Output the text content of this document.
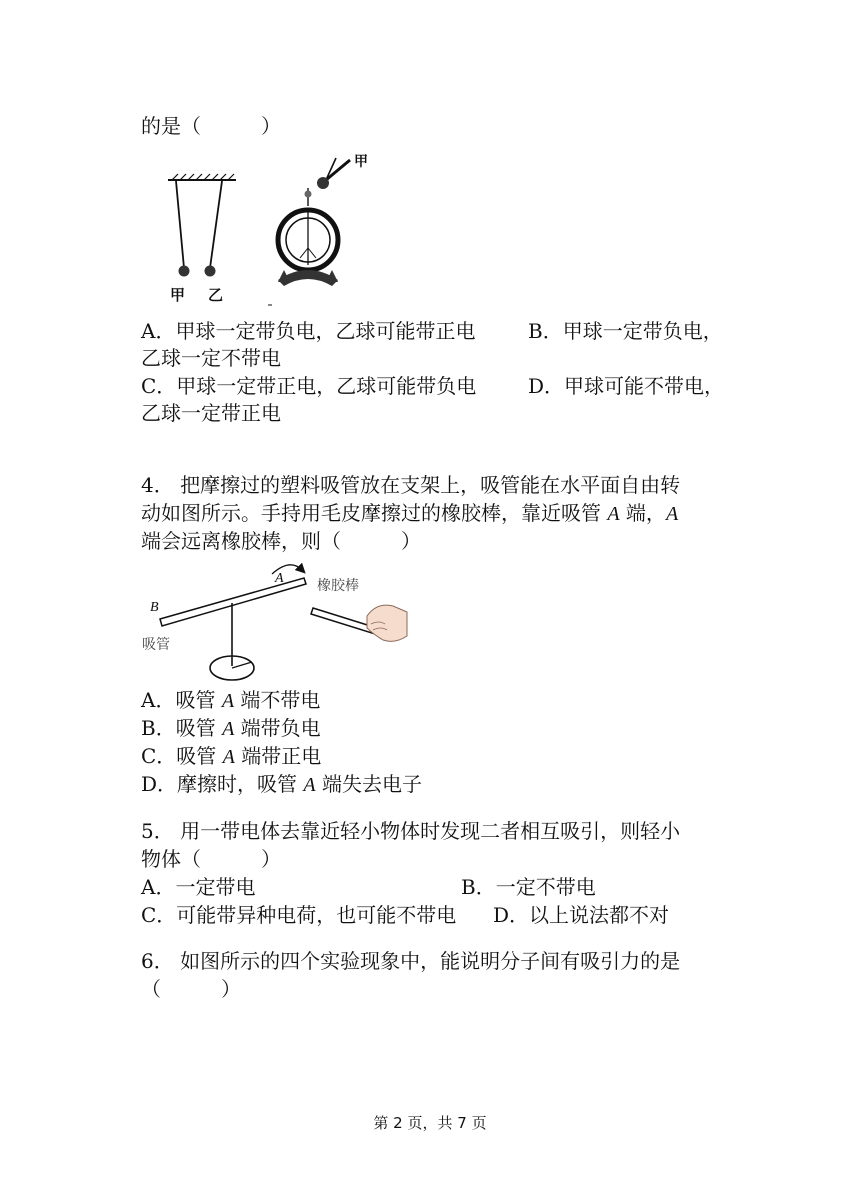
的是（　　　）
甲 乙
甲
A．甲球一定带负电，乙球可能带正电	B．甲球一定带负电，
乙球一定不带电
C．甲球一定带正电，乙球可能带负电	D．甲球可能不带电，
乙球一定带正电
4． 把摩擦过的塑料吸管放在支架上，吸管能在水平面自由转
动如图所示。手持用毛皮摩擦过的橡胶棒，靠近吸管 A 端，A
端会远离橡胶棒，则（　　　）
A
B
吸管
橡胶棒
A．吸管 A 端不带电
B．吸管 A 端带负电
C．吸管 A 端带正电
D．摩擦时，吸管 A 端失去电子
5． 用一带电体去靠近轻小物体时发现二者相互吸引，则轻小
物体（　　　）
A．一定带电	B．一定不带电
C．可能带异种电荷，也可能不带电 D．以上说法都不对
6． 如图所示的四个实验现象中，能说明分子间有吸引力的是
（　　　）
第 2 页，共 7 页
